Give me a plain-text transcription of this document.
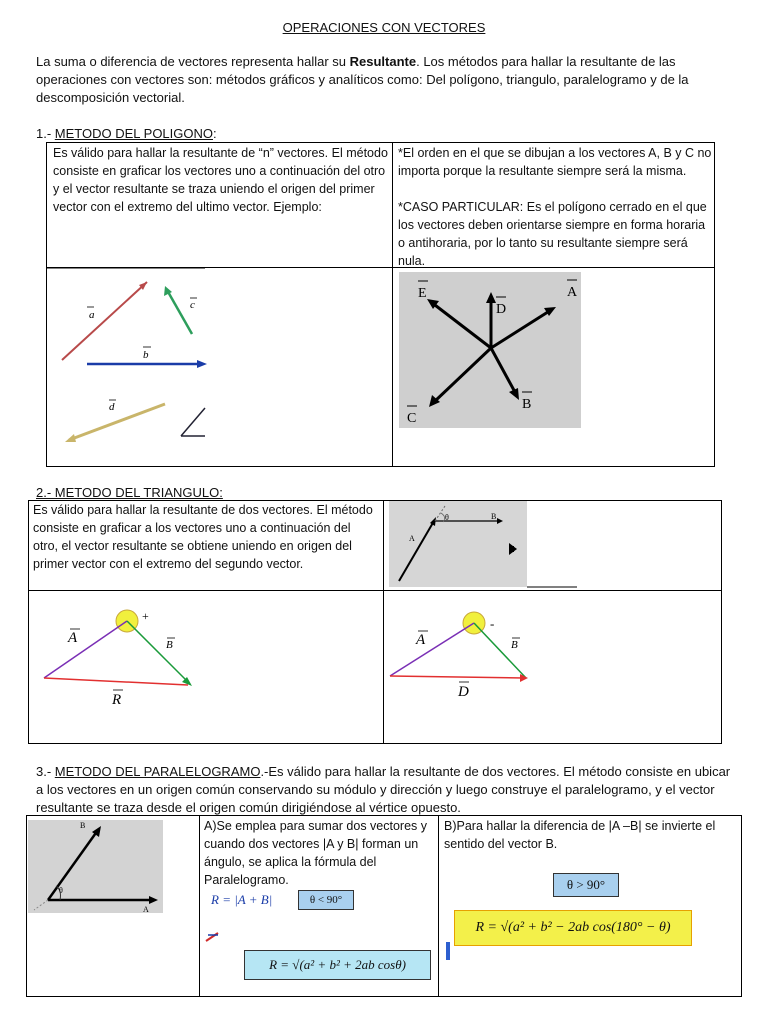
OPERACIONES CON VECTORES
La suma o diferencia de vectores representa hallar su Resultante. Los métodos para hallar la resultante de las operaciones con vectores son: métodos gráficos y analíticos como: Del polígono, triangulo, paralelogramo y de la descomposición vectorial.
1.- METODO DEL POLIGONO:
Es válido para hallar la resultante de “n” vectores. El método consiste en graficar los vectores uno a continuación del otro y el vector resultante se traza uniendo el origen del primer vector con el extremo del ultimo vector. Ejemplo:
*El orden en el que se dibujan a los vectores A, B y C no importa porque la resultante siempre será la misma.
*CASO PARTICULAR: Es el polígono cerrado en el que los vectores deben orientarse siempre en forma horaria o antihoraria, por lo tanto su resultante siempre será nula.
a
c
b
d
E
D
A
C
B
2.- METODO DEL TRIANGULO:
Es válido para hallar la resultante de dos vectores. El método consiste en graficar a los vectores uno a continuación del otro, el vector resultante se obtiene uniendo en origen del primer vector con el extremo del segundo vector.
θ	B
A
A	B
R
+
A	B
D
-
3.- METODO DEL PARALELOGRAMO.-Es válido para hallar la resultante de dos vectores. El método consiste en ubicar a los vectores en un origen común conservando su módulo y dirección y luego construye el paralelogramo, y el vector resultante se traza desde el origen común dirigiéndose al vértice opuesto.
B
θ
A
A)Se emplea para sumar dos vectores y cuando dos vectores |A y B| forman un ángulo, se aplica la fórmula del Paralelogramo.
R = |A + B|	θ < 90°
R = √(a² + b² + 2ab cosθ)
B)Para hallar la diferencia de |A –B| se invierte el sentido del vector B.
θ > 90°
R = √(a² + b² − 2ab cos(180° − θ)
